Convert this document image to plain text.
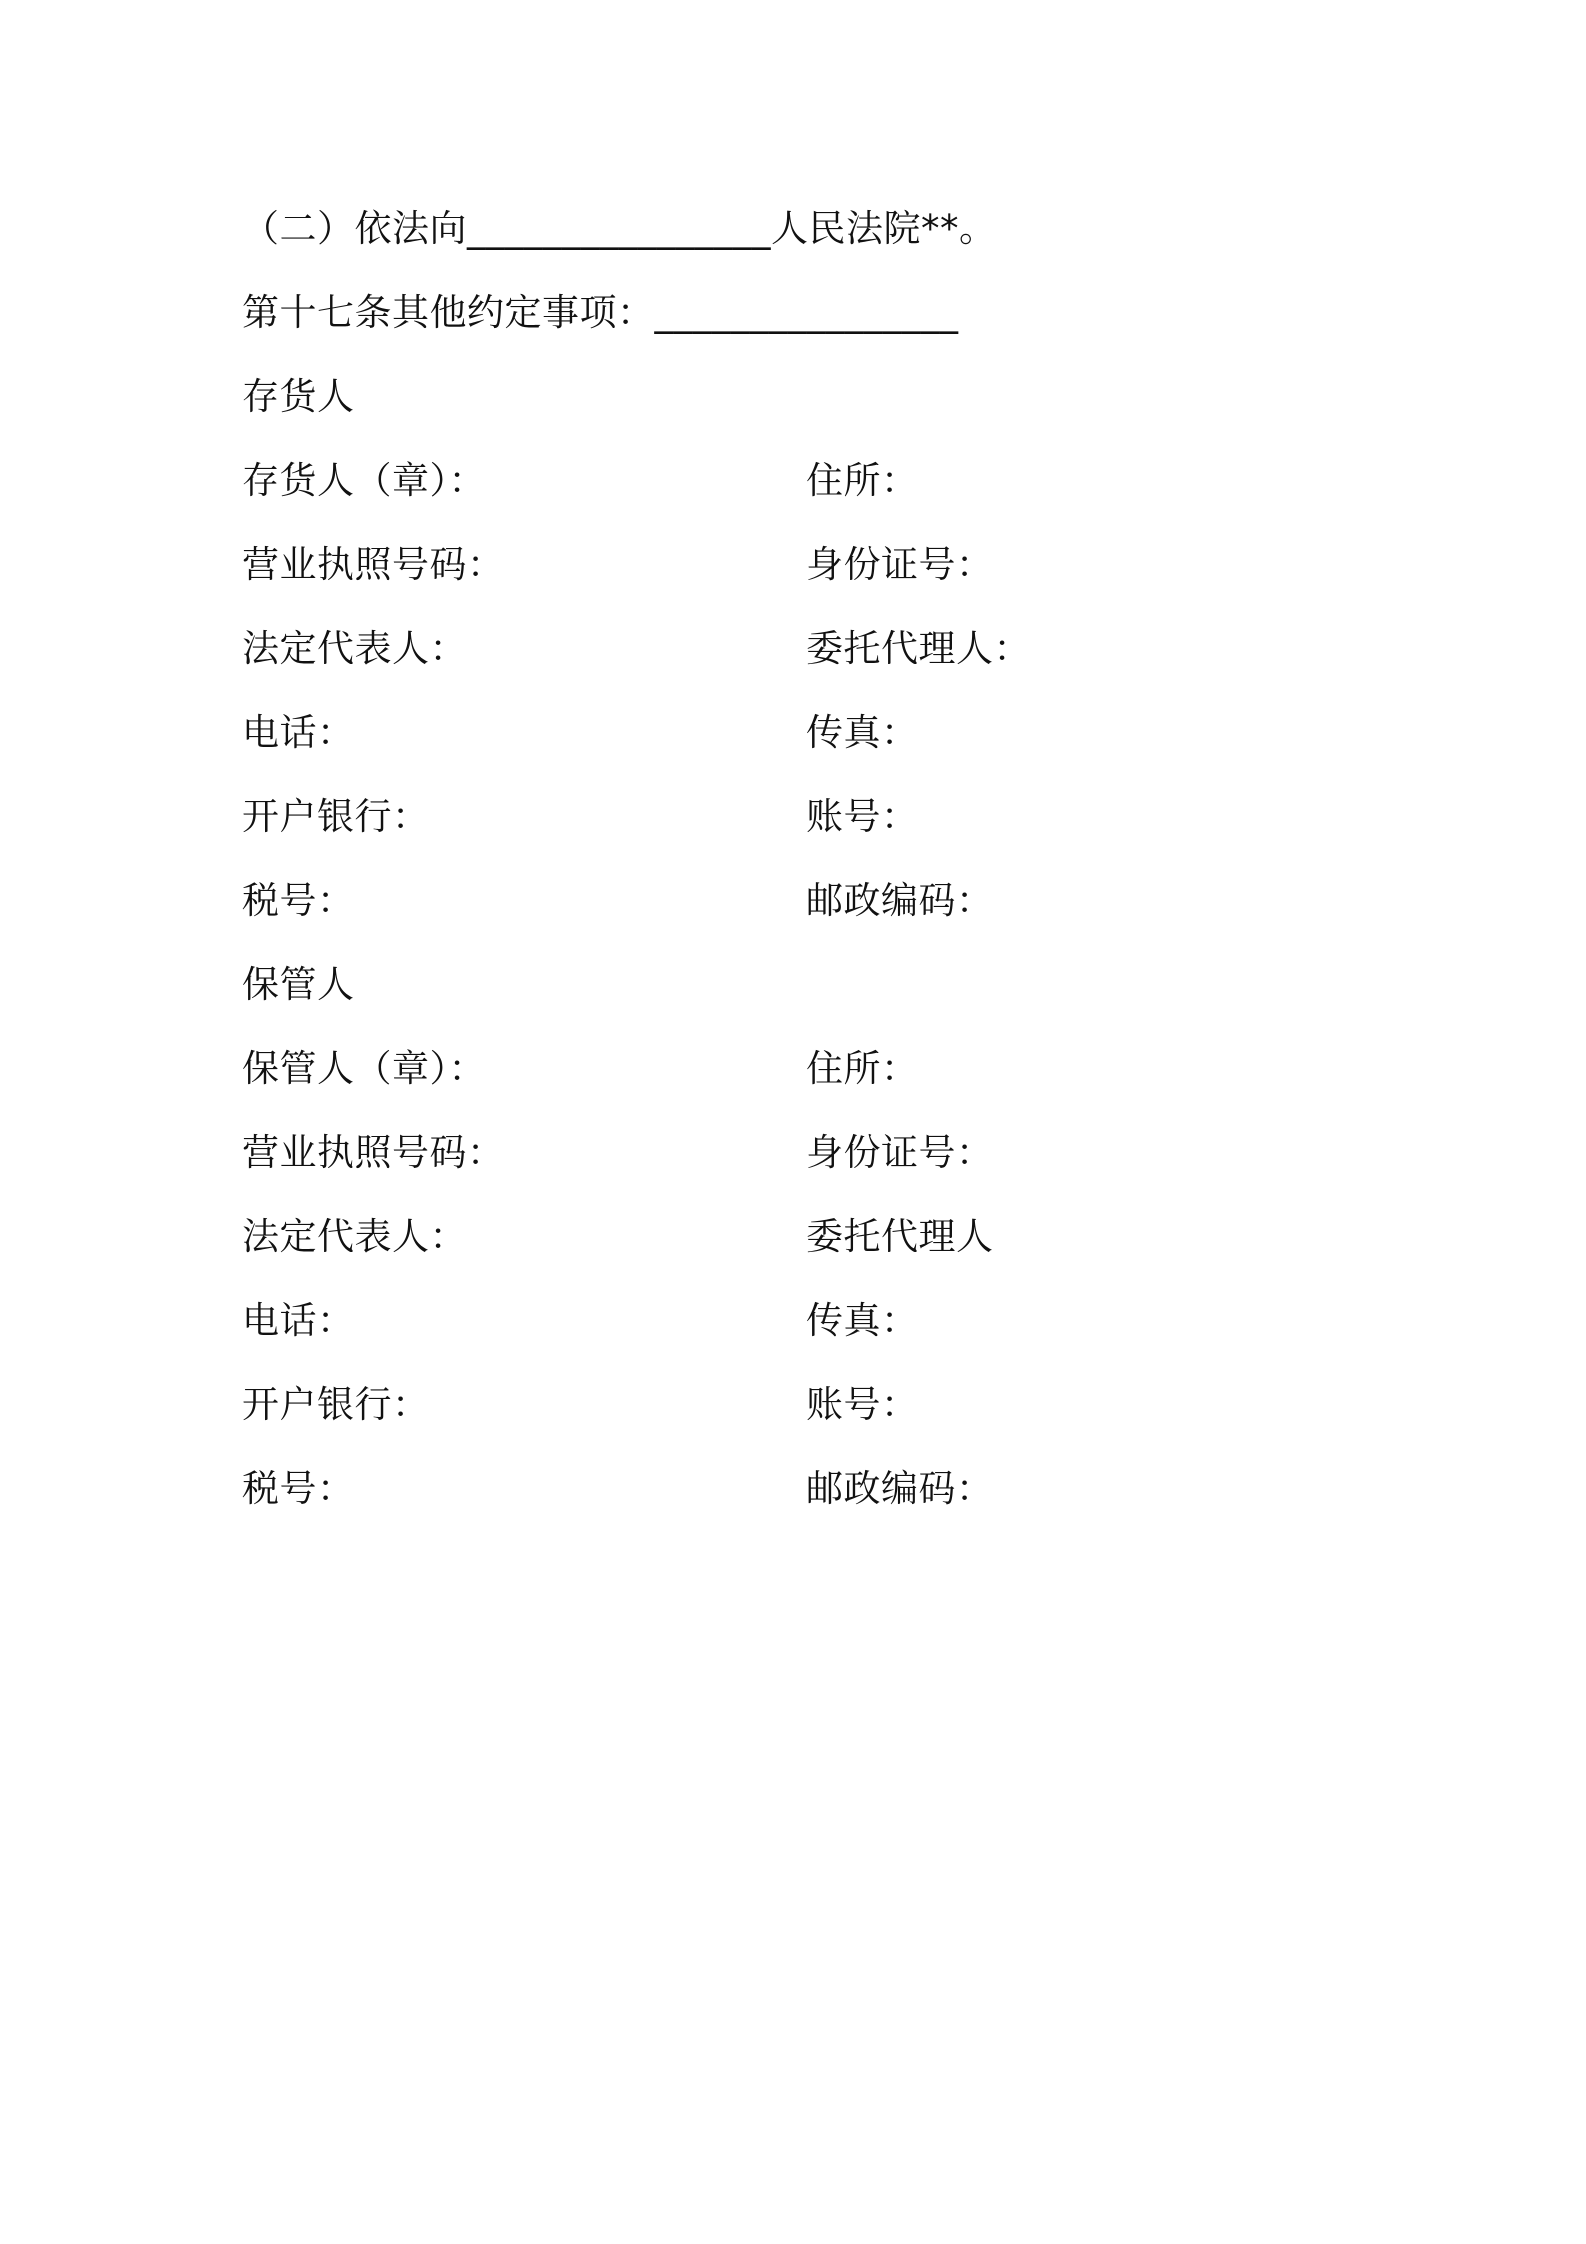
（二）依法向________________人民法院**。
第十七条其他约定事项：________________
存货人
存货人（章）：	住所：
营业执照号码：	身份证号：
法定代表人：	委托代理人：
电话：	传真：
开户银行：	账号：
税号：	邮政编码：
保管人
保管人（章）：	住所：
营业执照号码：	身份证号：
法定代表人：	委托代理人
电话：	传真：
开户银行：	账号：
税号：	邮政编码：
